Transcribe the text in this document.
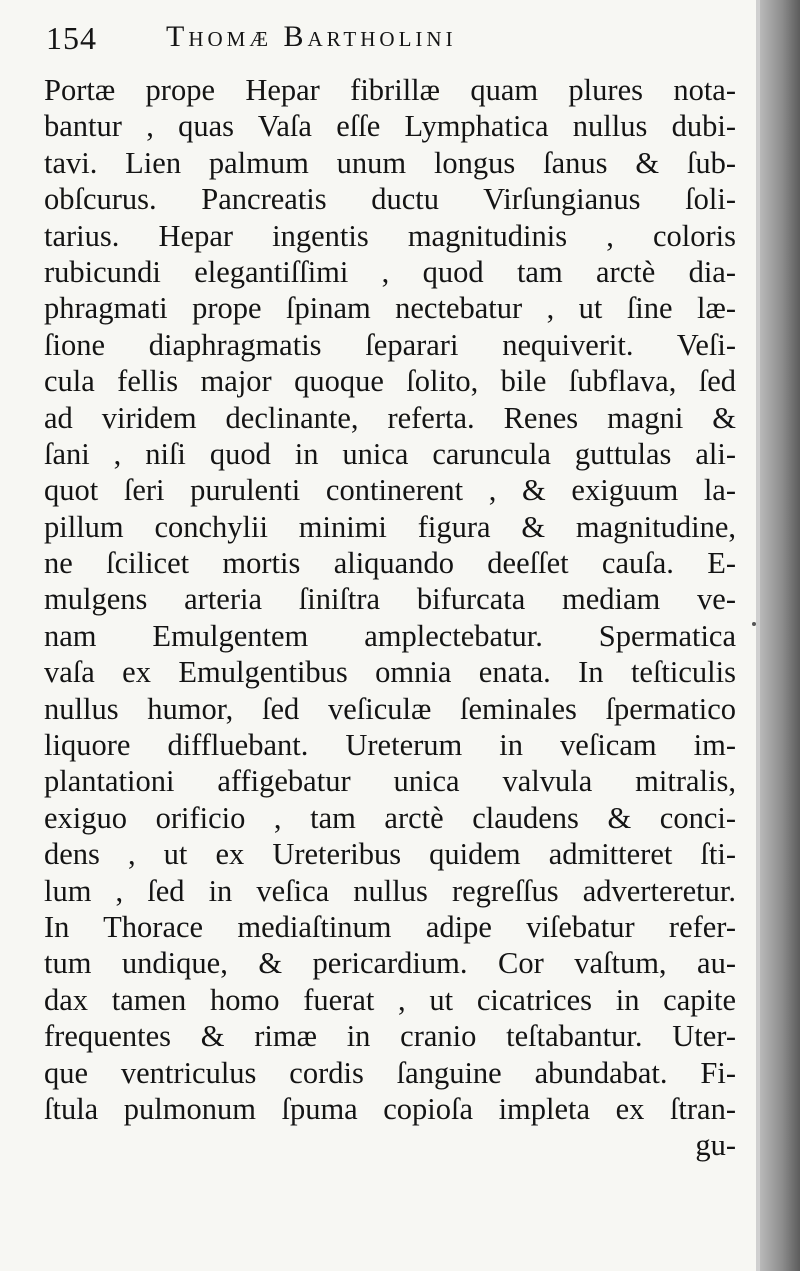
154 Thomæ Bartholini
Portæ prope Hepar fibrillæ quam plures nota-
bantur , quas Vaſa eſſe Lymphatica nullus dubi-
tavi. Lien palmum unum longus ſanus & ſub-
obſcurus. Pancreatis ductu Virſungianus ſoli-
tarius. Hepar ingentis magnitudinis , coloris
rubicundi elegantiſſimi , quod tam arctè dia-
phragmati prope ſpinam nectebatur , ut ſine læ-
ſione diaphragmatis ſeparari nequiverit. Veſi-
cula fellis major quoque ſolito, bile ſubflava, ſed
ad viridem declinante, referta. Renes magni &
ſani , niſi quod in unica caruncula guttulas ali-
quot ſeri purulenti continerent , & exiguum la-
pillum conchylii minimi figura & magnitudine,
ne ſcilicet mortis aliquando deeſſet cauſa. E-
mulgens arteria ſiniſtra bifurcata mediam ve-
nam Emulgentem amplectebatur. Spermatica
vaſa ex Emulgentibus omnia enata. In teſticulis
nullus humor, ſed veſiculæ ſeminales ſpermatico
liquore diffluebant. Ureterum in veſicam im-
plantationi affigebatur unica valvula mitralis,
exiguo orificio , tam arctè claudens & conci-
dens , ut ex Ureteribus quidem admitteret ſti-
lum , ſed in veſica nullus regreſſus adverteretur.
In Thorace mediaſtinum adipe viſebatur refer-
tum undique, & pericardium. Cor vaſtum, au-
dax tamen homo fuerat , ut cicatrices in capite
frequentes & rimæ in cranio teſtabantur. Uter-
que ventriculus cordis ſanguine abundabat. Fi-
ſtula pulmonum ſpuma copioſa impleta ex ſtran-
gu-
